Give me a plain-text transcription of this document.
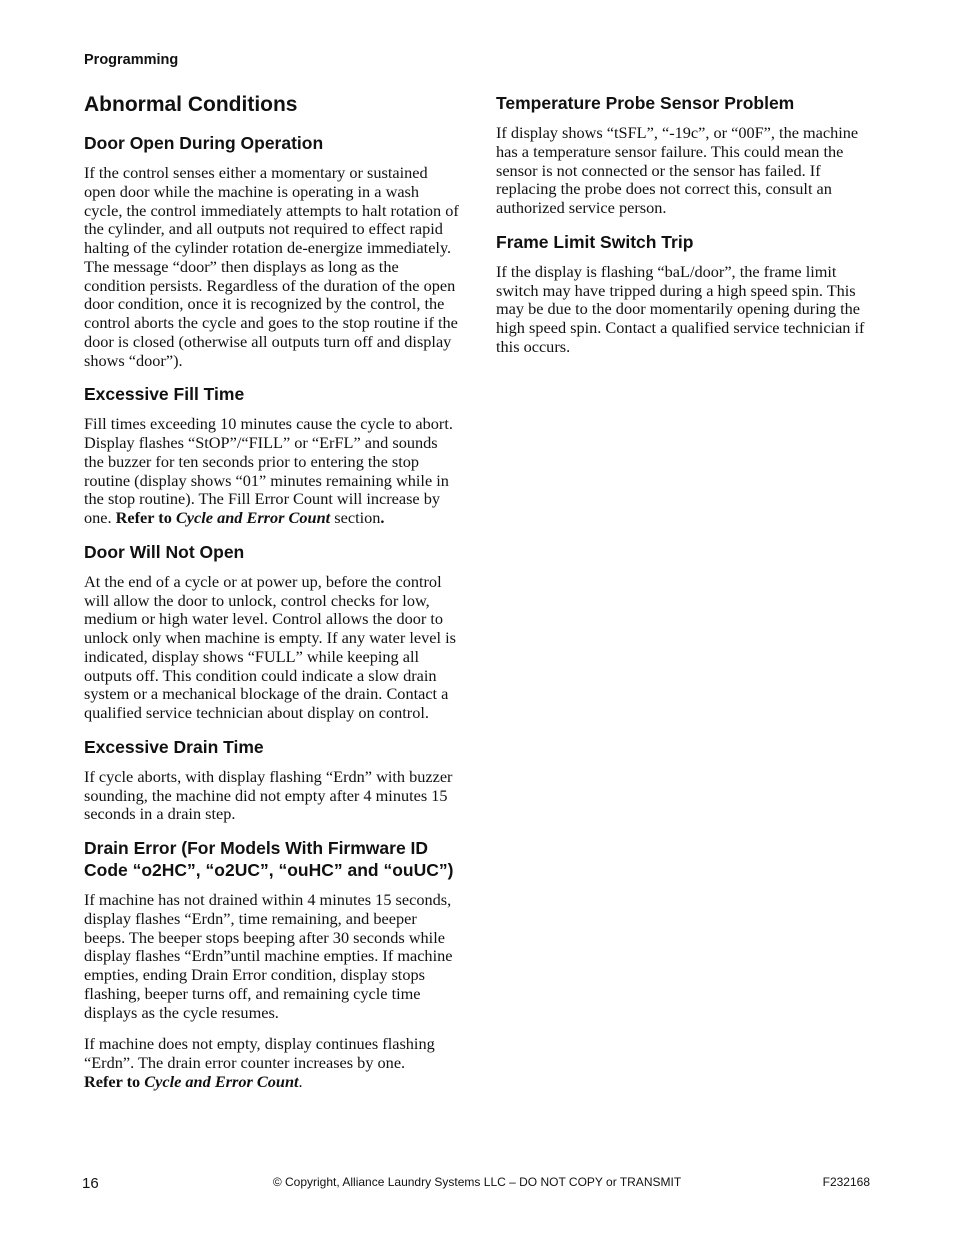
Programming
Abnormal Conditions
Door Open During Operation

If the control senses either a momentary or sustained open door while the machine is operating in a wash cycle, the control immediately attempts to halt rotation of the cylinder, and all outputs not required to effect rapid halting of the cylinder rotation de-energize immediately. The message “door” then displays as long as the condition persists. Regardless of the duration of the open door condition, once it is recognized by the control, the control aborts the cycle and goes to the stop routine if the door is closed (otherwise all outputs turn off and display shows “door”).

Excessive Fill Time

Fill times exceeding 10 minutes cause the cycle to abort. Display flashes “StOP”/“FILL” or “ErFL” and sounds the buzzer for ten seconds prior to entering the stop routine (display shows “01” minutes remaining while in the stop routine). The Fill Error Count will increase by one. Refer to Cycle and Error Count section.

Door Will Not Open

At the end of a cycle or at power up, before the control will allow the door to unlock, control checks for low, medium or high water level. Control allows the door to unlock only when machine is empty. If any water level is indicated, display shows “FULL” while keeping all outputs off. This condition could indicate a slow drain system or a mechanical blockage of the drain. Contact a qualified service technician about display on control.

Excessive Drain Time

If cycle aborts, with display flashing “Erdn” with buzzer sounding, the machine did not empty after 4 minutes 15 seconds in a drain step.

Drain Error (For Models With Firmware ID Code “o2HC”, “o2UC”, “ouHC” and “ouUC”)

If machine has not drained within 4 minutes 15 seconds, display flashes “Erdn”, time remaining, and beeper beeps. The beeper stops beeping after 30 seconds while display flashes “Erdn”until machine empties. If machine empties, ending Drain Error condition, display stops flashing, beeper turns off, and remaining cycle time displays as the cycle resumes.

If machine does not empty, display continues flashing “Erdn”. The drain error counter increases by one.
Refer to Cycle and Error Count.

Temperature Probe Sensor Problem

If display shows “tSFL”, “-19c”, or “00F”, the machine has a temperature sensor failure. This could mean the sensor is not connected or the sensor has failed. If replacing the probe does not correct this, consult an authorized service person.

Frame Limit Switch Trip

If the display is flashing “baL/door”, the frame limit switch may have tripped during a high speed spin. This may be due to the door momentarily opening during the high speed spin. Contact a qualified service technician if this occurs.

16	© Copyright, Alliance Laundry Systems LLC – DO NOT COPY or TRANSMIT	F232168
